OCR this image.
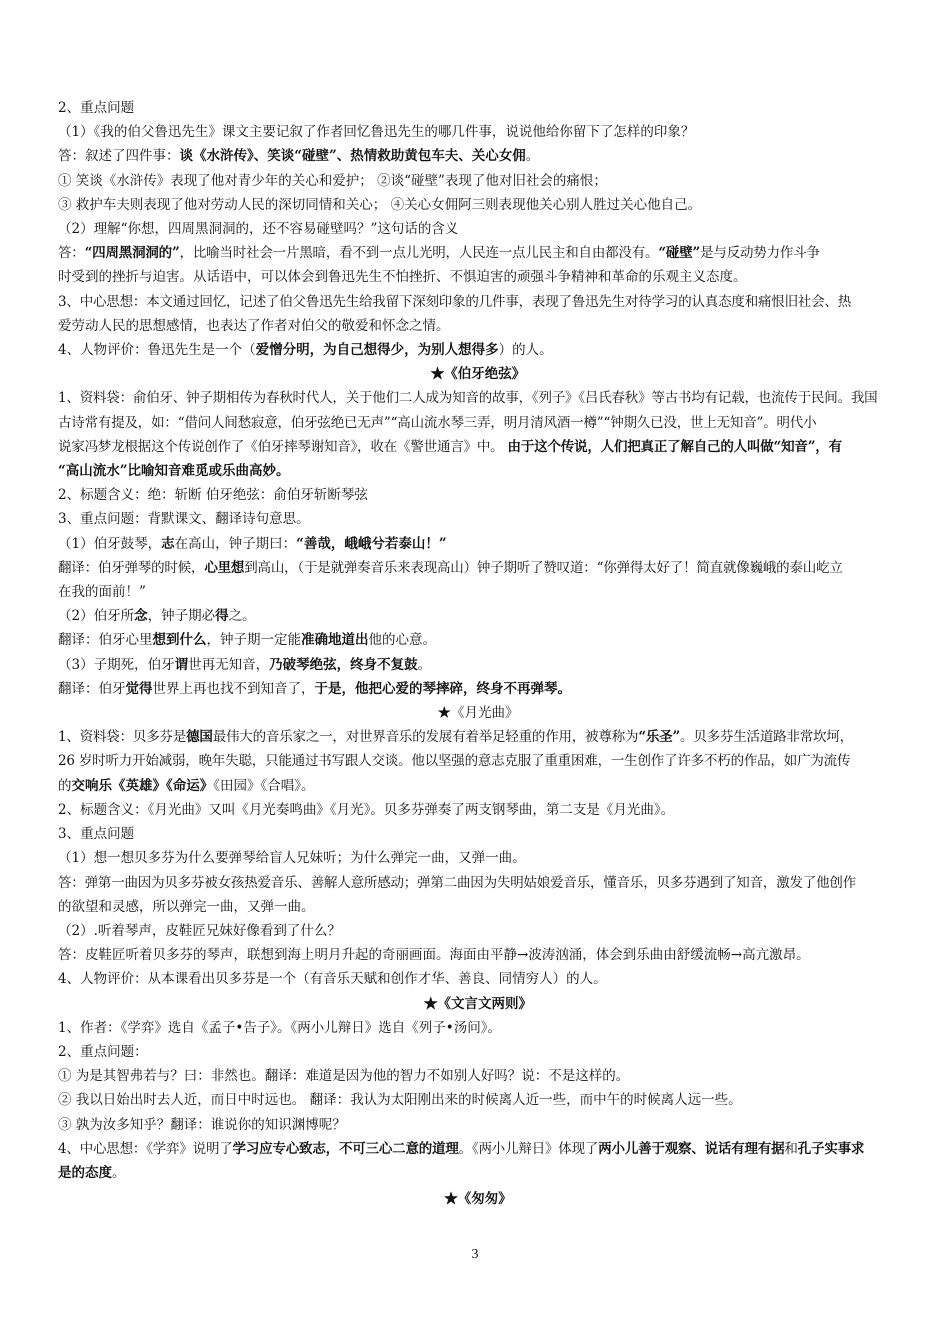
2、重点问题

（1）《我的伯父鲁迅先生》课文主要记叙了作者回忆鲁迅先生的哪几件事，说说他给你留下了怎样的印象？

答：叙述了四件事：谈《水浒传》、笑谈“碰壁”、热情救助黄包车夫、关心女佣。

① 笑谈《水浒传》表现了他对青少年的关心和爱护； ②谈“碰壁”表现了他对旧社会的痛恨；

③ 救护车夫则表现了他对劳动人民的深切同情和关心； ④关心女佣阿三则表现他关心别人胜过关心他自己。

（2）理解“你想，四周黑洞洞的，还不容易碰壁吗？”这句话的含义

答：“四周黑洞洞的”，比喻当时社会一片黑暗，看不到一点儿光明，人民连一点儿民主和自由都没有。“碰壁”是与反动势力作斗争

时受到的挫折与迫害。从话语中，可以体会到鲁迅先生不怕挫折、不惧迫害的顽强斗争精神和革命的乐观主义态度。

3、中心思想：本文通过回忆，记述了伯父鲁迅先生给我留下深刻印象的几件事，表现了鲁迅先生对待学习的认真态度和痛恨旧社会、热

爱劳动人民的思想感情，也表达了作者对伯父的敬爱和怀念之情。

4、人物评价：鲁迅先生是一个（爱憎分明，为自己想得少，为别人想得多）的人。

★《伯牙绝弦》

1、资料袋：俞伯牙、钟子期相传为春秋时代人，关于他们二人成为知音的故事，《列子》《吕氏春秋》等古书均有记载，也流传于民间。我国

古诗常有提及，如：“借问人间愁寂意，伯牙弦绝已无声”“高山流水琴三弄，明月清风酒一樽”“钟期久已没，世上无知音”。明代小

说家冯梦龙根据这个传说创作了《伯牙摔琴谢知音》，收在《警世通言》中。 由于这个传说，人们把真正了解自己的人叫做“知音”，有

“高山流水”比喻知音难觅或乐曲高妙。

2、标题含义：绝：斩断 伯牙绝弦：俞伯牙斩断琴弦

3、重点问题：背默课文、翻译诗句意思。

（1）伯牙鼓琴，志在高山，钟子期曰：“善哉，峨峨兮若泰山！”

翻译：伯牙弹琴的时候，心里想到高山，（于是就弹奏音乐来表现高山）钟子期听了赞叹道：“你弹得太好了！简直就像巍峨的泰山屹立

在我的面前！”

（2）伯牙所念，钟子期必得之。

翻译：伯牙心里想到什么，钟子期一定能准确地道出他的心意。

（3）子期死，伯牙谓世再无知音，乃破琴绝弦，终身不复鼓。

翻译：伯牙觉得世界上再也找不到知音了，于是，他把心爱的琴摔碎，终身不再弹琴。

★《月光曲》

1、资料袋：贝多芬是德国最伟大的音乐家之一，对世界音乐的发展有着举足轻重的作用，被尊称为“乐圣”。贝多芬生活道路非常坎坷，

26 岁时听力开始减弱，晚年失聪，只能通过书写跟人交谈。他以坚强的意志克服了重重困难，一生创作了许多不朽的作品，如广为流传

的交响乐《英雄》《命运》《田园》《合唱》。

2、标题含义：《月光曲》又叫《月光奏鸣曲》《月光》。贝多芬弹奏了两支钢琴曲，第二支是《月光曲》。

3、重点问题

（1）想一想贝多芬为什么要弹琴给盲人兄妹听；为什么弹完一曲，又弹一曲。

答：弹第一曲因为贝多芬被女孩热爱音乐、善解人意所感动；弹第二曲因为失明姑娘爱音乐，懂音乐，贝多芬遇到了知音，激发了他创作

的欲望和灵感，所以弹完一曲，又弹一曲。

（2）.听着琴声，皮鞋匠兄妹好像看到了什么？

答：皮鞋匠听着贝多芬的琴声，联想到海上明月升起的奇丽画面。海面由平静→波涛汹涌，体会到乐曲由舒缓流畅→高亢激昂。

4、人物评价：从本课看出贝多芬是一个（有音乐天赋和创作才华、善良、同情穷人）的人。

★《文言文两则》

1、作者：《学弈》选自《孟子•告子》。《两小儿辩日》选自《列子•汤问》。

2、重点问题：

① 为是其智弗若与？曰：非然也。翻译：难道是因为他的智力不如别人好吗？说：不是这样的。

② 我以日始出时去人近，而日中时远也。 翻译：我认为太阳刚出来的时候离人近一些，而中午的时候离人远一些。

③ 孰为汝多知乎？翻译：谁说你的知识渊博呢？

4、中心思想：《学弈》说明了学习应专心致志，不可三心二意的道理。《两小儿辩日》体现了两小儿善于观察、说话有理有据和孔子实事求

是的态度。

★《匆匆》

3
